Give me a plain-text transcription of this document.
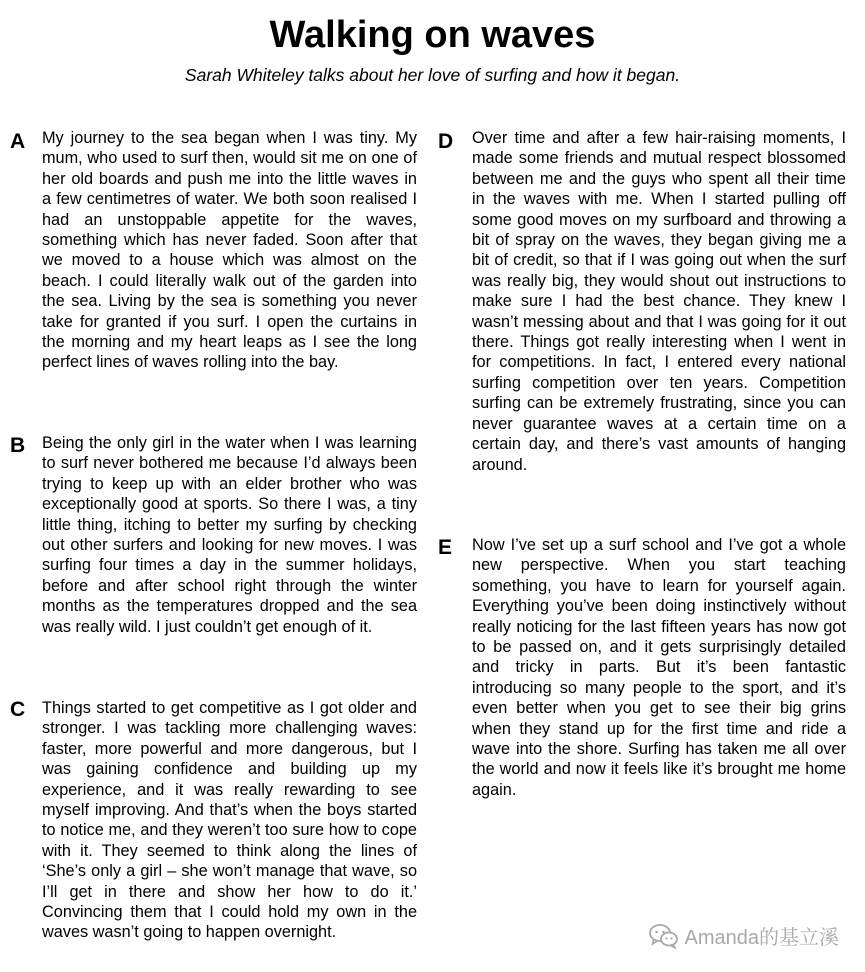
Walking on waves
Sarah Whiteley talks about her love of surfing and how it began.
A My journey to the sea began when I was tiny. My mum, who used to surf then, would sit me on one of her old boards and push me into the little waves in a few centimetres of water. We both soon realised I had an unstoppable appetite for the waves, something which has never faded. Soon after that we moved to a house which was almost on the beach. I could literally walk out of the garden into the sea. Living by the sea is something you never take for granted if you surf. I open the curtains in the morning and my heart leaps as I see the long perfect lines of waves rolling into the bay.
B Being the only girl in the water when I was learning to surf never bothered me because I’d always been trying to keep up with an elder brother who was exceptionally good at sports. So there I was, a tiny little thing, itching to better my surfing by checking out other surfers and looking for new moves. I was surfing four times a day in the summer holidays, before and after school right through the winter months as the temperatures dropped and the sea was really wild. I just couldn’t get enough of it.
C Things started to get competitive as I got older and stronger. I was tackling more challenging waves: faster, more powerful and more dangerous, but I was gaining confidence and building up my experience, and it was really rewarding to see myself improving. And that’s when the boys started to notice me, and they weren’t too sure how to cope with it. They seemed to think along the lines of ‘She’s only a girl – she won’t manage that wave, so I’ll get in there and show her how to do it.’ Convincing them that I could hold my own in the waves wasn’t going to happen overnight.
D Over time and after a few hair-raising moments, I made some friends and mutual respect blossomed between me and the guys who spent all their time in the waves with me. When I started pulling off some good moves on my surfboard and throwing a bit of spray on the waves, they began giving me a bit of credit, so that if I was going out when the surf was really big, they would shout out instructions to make sure I had the best chance. They knew I wasn’t messing about and that I was going for it out there. Things got really interesting when I went in for competitions. In fact, I entered every national surfing competition over ten years. Competition surfing can be extremely frustrating, since you can never guarantee waves at a certain time on a certain day, and there’s vast amounts of hanging around.
E Now I’ve set up a surf school and I’ve got a whole new perspective. When you start teaching something, you have to learn for yourself again. Everything you’ve been doing instinctively without really noticing for the last fifteen years has now got to be passed on, and it gets surprisingly detailed and tricky in parts. But it’s been fantastic introducing so many people to the sport, and it’s even better when you get to see their big grins when they stand up for the first time and ride a wave into the shore. Surfing has taken me all over the world and now it feels like it’s brought me home again.
Amanda的基立溪
